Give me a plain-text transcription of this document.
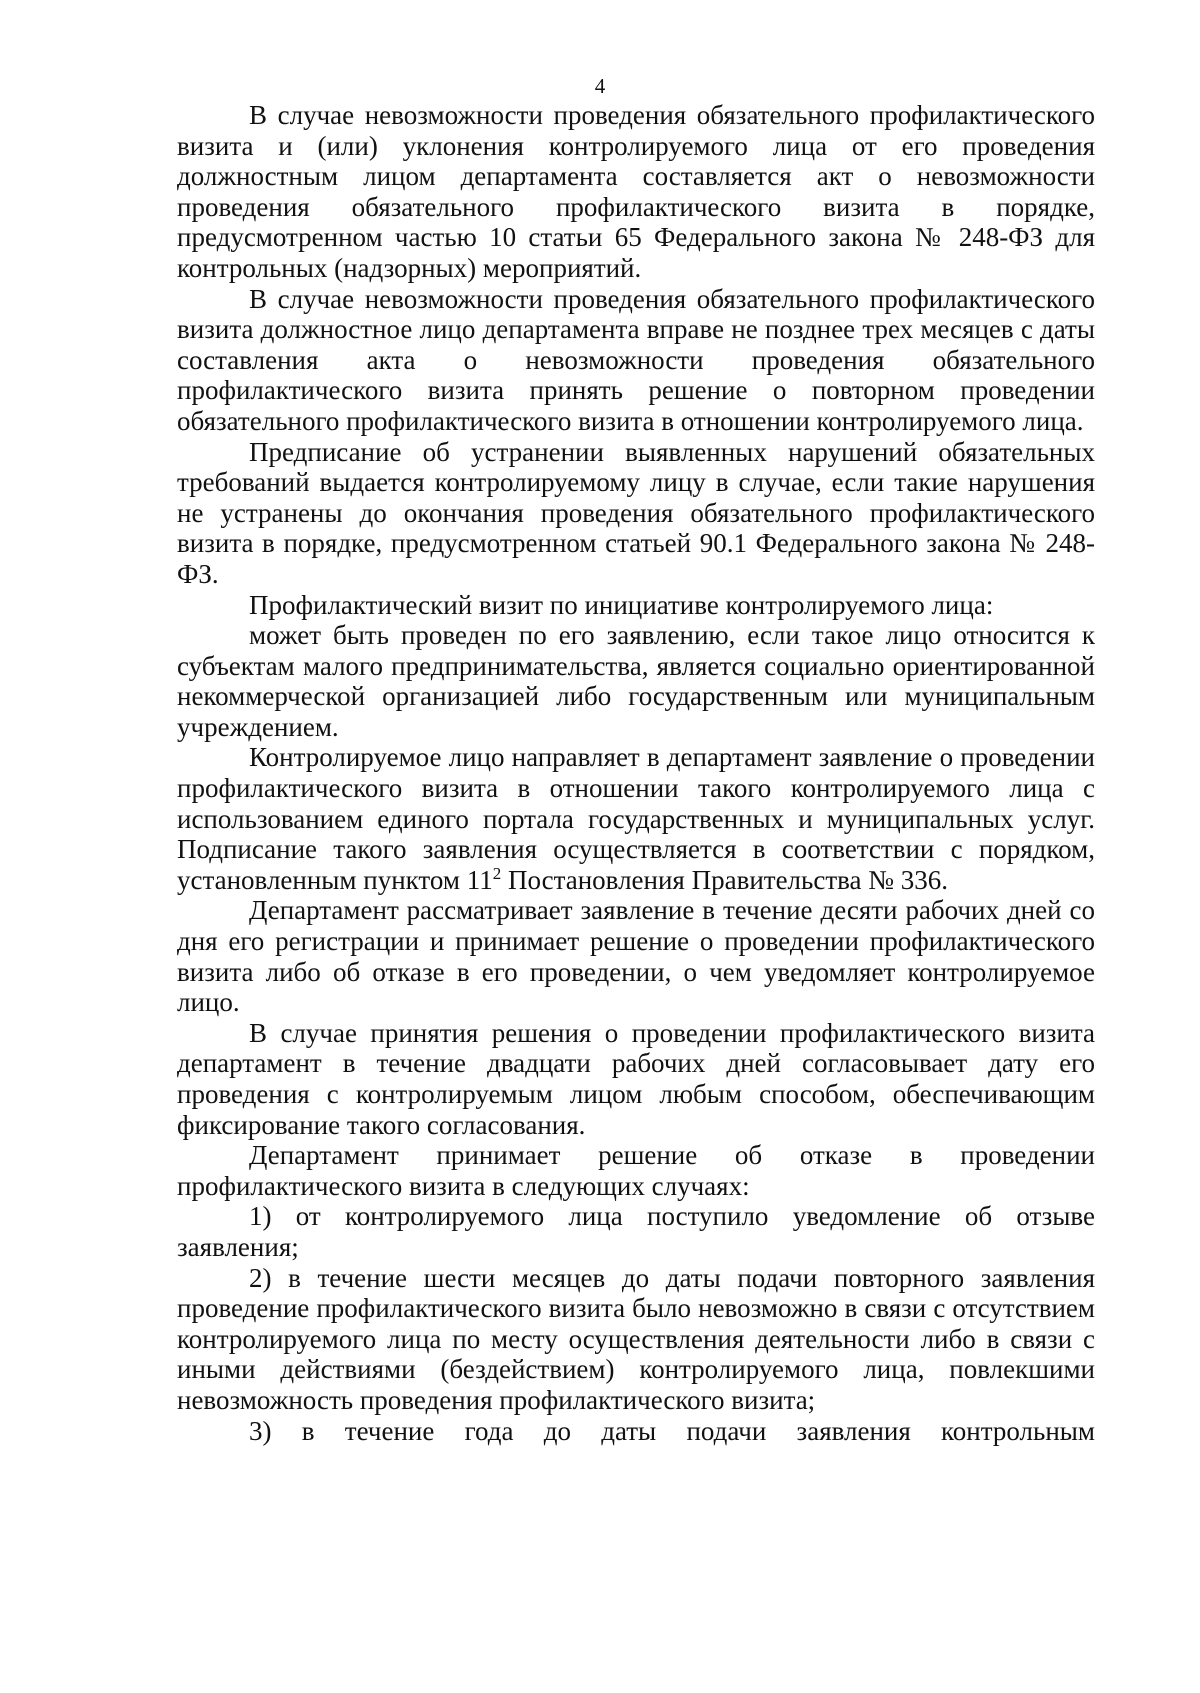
4

В случае невозможности проведения обязательного профилактического визита и (или) уклонения контролируемого лица от его проведения должностным лицом департамента составляется акт о невозможности проведения обязательного профилактического визита в порядке, предусмотренном частью 10 статьи 65 Федерального закона № 248-ФЗ для контрольных (надзорных) мероприятий.

В случае невозможности проведения обязательного профилактического визита должностное лицо департамента вправе не позднее трех месяцев с даты составления акта о невозможности проведения обязательного профилактического визита принять решение о повторном проведении обязательного профилактического визита в отношении контролируемого лица.

Предписание об устранении выявленных нарушений обязательных требований выдается контролируемому лицу в случае, если такие нарушения не устранены до окончания проведения обязательного профилактического визита в порядке, предусмотренном статьей 90.1 Федерального закона № 248-ФЗ.

Профилактический визит по инициативе контролируемого лица:

может быть проведен по его заявлению, если такое лицо относится к субъектам малого предпринимательства, является социально ориентированной некоммерческой организацией либо государственным или муниципальным учреждением.

Контролируемое лицо направляет в департамент заявление о проведении профилактического визита в отношении такого контролируемого лица с использованием единого портала государственных и муниципальных услуг. Подписание такого заявления осуществляется в соответствии с порядком, установленным пунктом $11^2$ Постановления Правительства № 336.

Департамент рассматривает заявление в течение десяти рабочих дней со дня его регистрации и принимает решение о проведении профилактического визита либо об отказе в его проведении, о чем уведомляет контролируемое лицо.

В случае принятия решения о проведении профилактического визита департамент в течение двадцати рабочих дней согласовывает дату его проведения с контролируемым лицом любым способом, обеспечивающим фиксирование такого согласования.

Департамент принимает решение об отказе в проведении профилактического визита в следующих случаях:

1) от контролируемого лица поступило уведомление об отзыве заявления;

2) в течение шести месяцев до даты подачи повторного заявления проведение профилактического визита было невозможно в связи с отсутствием контролируемого лица по месту осуществления деятельности либо в связи с иными действиями (бездействием) контролируемого лица, повлекшими невозможность проведения профилактического визита;

3) в течение года до даты подачи заявления контрольным
